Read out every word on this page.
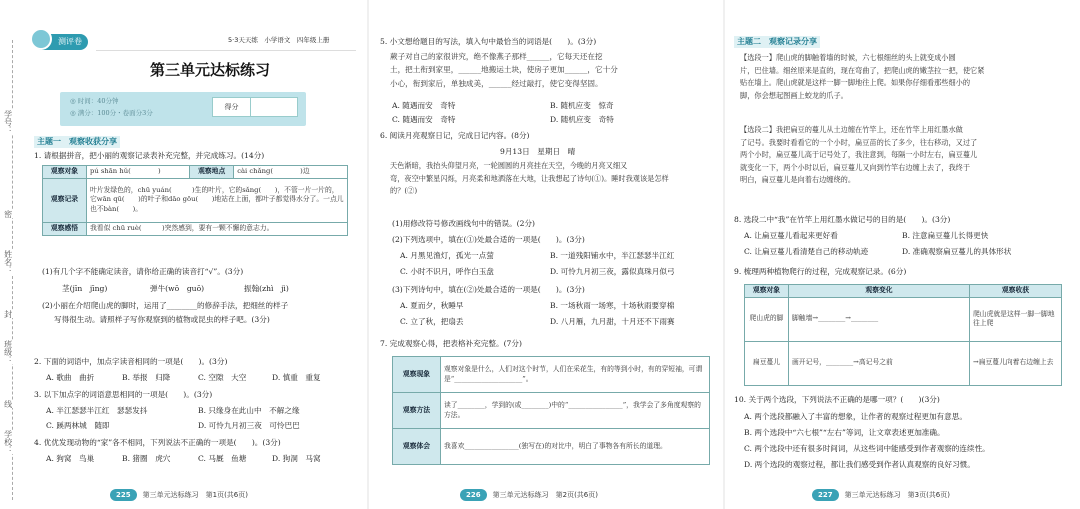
学号：
密
姓名：
封
班级：
线
学校：
测评卷	5·3天天练　小学语文　四年级上册
第三单元达标练习
◎ 时间：40分钟
◎ 满分：100分・卷面分3分
得分
主题一　观察收获分享
1. 请根据拼音，把小丽的观察记录表补充完整，并完成练习。(14分)
观察对象	pú shān hǔ(　　　　)	观察地点	cài chǎng(　　　　)边
观察记录	叶片发绿色的，chū yuán(　　　)生的叶片，它的sǎng(　　)，不管一片一片的，它wān qū(　　)的叶子和dāo gōu(　　)地站在上面，都叶子都觉得水分了。一点儿也不bàn(　　)。		
观察感悟	我看似 chū ruè(　　　)突然感到，要有一颗不懈的意志力。		
(1)有几个字不能确定读音，请你给正确的读音打“√”。(3分)
茎(jīn　jīng)	弹牛(wō　guō)	振翰(zhì　jì)
(2)小丽在介绍爬山虎的脚时，运用了________的修辞手法，把细丝的样子
写得很生动。请照样子写你观察到的植物或昆虫的样子吧。(3分)
2. 下面的词语中，加点字读音相同的一项是(　　)。(3分)
A. 歌曲　曲折	B. 举报　归降	C. 空隙　大空	D. 慎重　重复
3. 以下加点字的词语意思相同的一项是(　　)。(3分)
A. 半江瑟瑟半江红　瑟瑟发抖	B. 只缘身在此山中　不解之缘
C. 蹊两林城　随即	D. 可怜九月初三夜　可怜巴巴
4. 优优发现动物的“家”各不相同，下列说法不正确的一项是(　　)。(3分)
A. 狗窝　鸟巢	B. 猪圈　虎穴	C. 马厩　鱼塘	D. 狗洞　马窝
225 第三单元达标练习　第1页(共6页)
5. 小文想给题目的写法，填入句中最恰当的词语是(　　)。(3分)
蕨子对自己的家很讲究，绝不像燕子那样______，它每天还在挖
土，把土衔到家里，______地搬运土块，使房子更加______，它十分
小心，衔到家后，单独成美，______经过敲打，使它变得坚固。
A. 随遇而安　奇特	B. 随机应变　惊奇
C. 随遇而安　奇特	D. 随机应变　奇特
6. 阅读月亮观察日记，完成日记内容。(8分)
9月13日　星期日　晴
天色渐暗，我抬头仰望月亮，一轮圆圆的月亮挂在天空，今晚的月亮又细又
弯，夜空中繁星闪烁，月亮柔和地洒落在大地，让我想起了诗句(①)。睡时我观该是怎样
的？(②)
(1)用修改符号修改画线句中的错误。(2分)
(2)下列选项中，填在(①)处最合适的一项是(　　)。(3分)
A. 月黑见渔灯，孤光一点萤	B. 一道残阳铺水中，半江瑟瑟半江红
C. 小时不识月，呼作白玉盘	D. 可怜九月初三夜，露似真珠月似弓
(3)下列诗句中，填在(②)处最合适的一项是(　　)。(3分)
A. 夏而夕，秋睡早	B. 一场秋雨一场寒，十场秋雨要穿棉
C. 立了秋，把扇丢	D. 八月雁，九月甜，十月还不下雨赛
7. 完成观察心得，把表格补充完整。(7分)
观察现象	观察对象是什么，人们对这个时节，人们在采花生，有的等到小时，有的穿短袖，可谓是“____________________”。
观察方法	读了________，学到的(或________)中的“________________”，我学会了多角度观察的方法。
观察体会	我喜欢________________(独写在)的对比中，明白了事物各有所长的道理。
226 第三单元达标练习　第2页(共6页)
主题二　观察记录分享
【选段一】爬山虎的脚触着墙的时候，六七根细丝的头上就变成小圆
片，巴住墙。细丝原来是直的，现在弯曲了，把爬山虎的嫩茎拉一把，使它紧
贴在墙上。爬山虎就是这样一脚一脚地往上爬。如果你仔细看那些细小的
脚，你会想起图画上蛟龙的爪子。
【选段二】我把扁豆的蔓儿从土边缠在竹竿上，还在竹竿上用红墨水做
了记号。我要时看看它的一个小时，扁豆苗的长了多少，往右移动，又过了
两个小时，扁豆蔓儿高于记号处了，我注意到，每隔一小时左右，扁豆蔓儿
就变化一下，两个小时以后，扁豆蔓儿又向到竹竿右边缠上去了，我终于
明白，扁豆蔓儿是向着右边缠绕的。
8. 选段二中“我”在竹竿上用红墨水做记号的目的是(　　)。(3分)
A. 让扁豆蔓儿看起来更好看	B. 注意扁豆蔓儿长得更快
C. 让扁豆蔓儿看清楚自己的移动轨迹	D. 准确观察扁豆蔓儿的具体形状
9. 梳理两种植物爬行的过程，完成观察记录。(6分)
观察对象	观察变化	观察收获
爬山虎的脚	脚触墙→________→________	爬山虎就是这样一脚一脚地往上爬
扁豆蔓儿	画开记号，________→高记号之前	→扁豆蔓儿向着右边缠上去
10. 关于两个选段，下列说法不正确的是哪一项？(　　)(3分)
A. 两个选段都融入了丰富的想象，让作者的观察过程更加有意思。
B. 两个选段中“六七根”“左右”等词，让文章表述更加准确。
C. 两个选段中还有很多时间词，从这些词中能感受到作者观察的连续性。
D. 两个选段的观察过程，都让我们感受到作者认真观察的良好习惯。
227 第三单元达标练习　第3页(共6页)
